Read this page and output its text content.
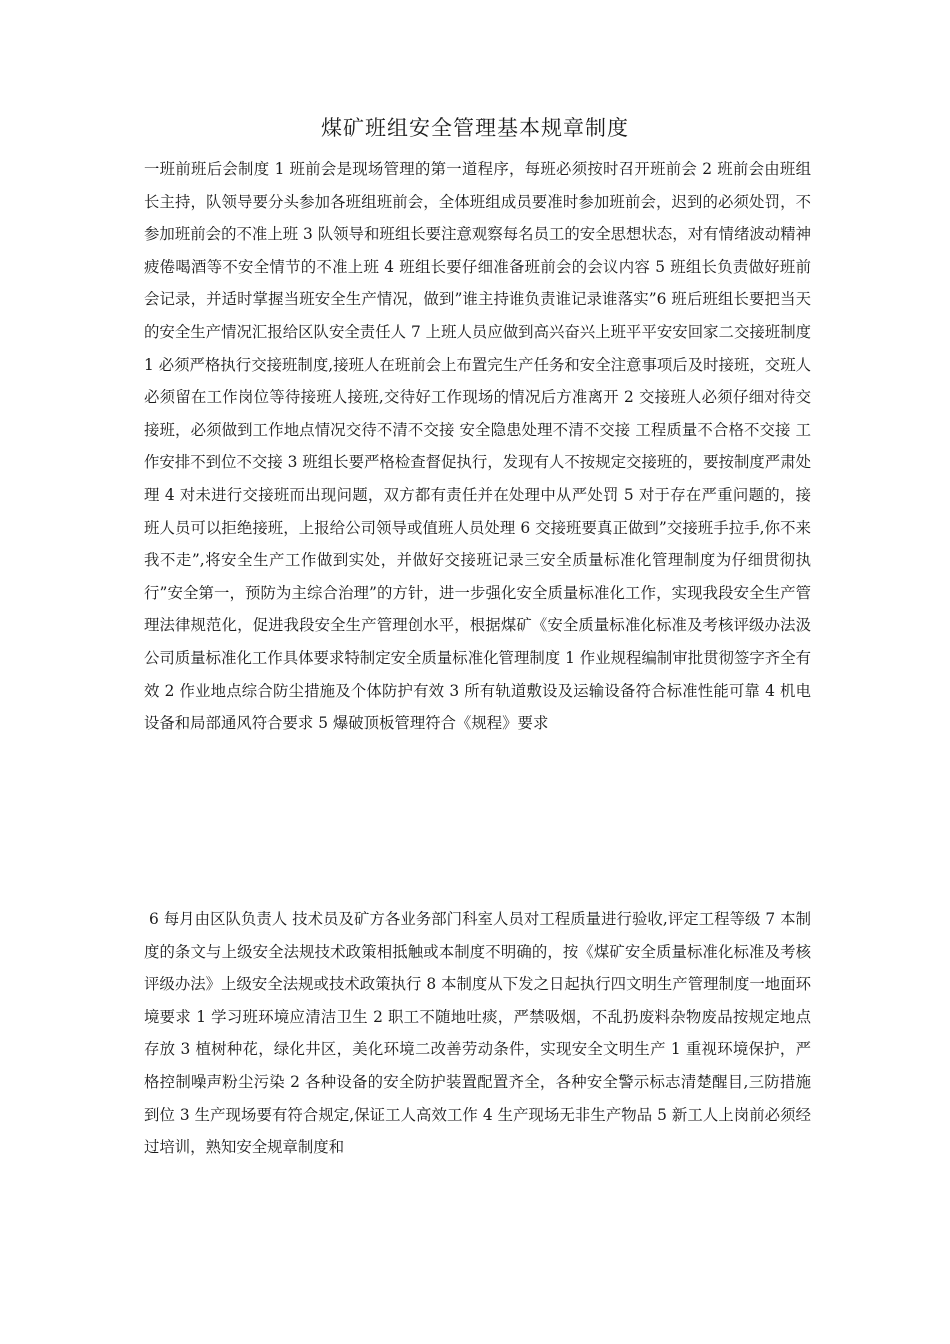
煤矿班组安全管理基本规章制度

一班前班后会制度 1 班前会是现场管理的第一道程序，每班必须按时召开班前会 2 班前会由班组长主持，队领导要分头参加各班组班前会，全体班组成员要准时参加班前会，迟到的必须处罚，不参加班前会的不准上班 3 队领导和班组长要注意观察每名员工的安全思想状态，对有情绪波动精神疲倦喝酒等不安全情节的不准上班 4 班组长要仔细准备班前会的会议内容 5 班组长负责做好班前会记录，并适时掌握当班安全生产情况，做到”谁主持谁负责谁记录谁落实”6 班后班组长要把当天的安全生产情况汇报给区队安全责任人 7 上班人员应做到高兴奋兴上班平平安安回家二交接班制度 1 必须严格执行交接班制度,接班人在班前会上布置完生产任务和安全注意事项后及时接班，交班人必须留在工作岗位等待接班人接班,交待好工作现场的情况后方准离开 2 交接班人必须仔细对待交接班，必须做到工作地点情况交待不清不交接 安全隐患处理不清不交接 工程质量不合格不交接 工作安排不到位不交接 3 班组长要严格检查督促执行，发现有人不按规定交接班的，要按制度严肃处理 4 对未进行交接班而出现问题，双方都有责任并在处理中从严处罚 5 对于存在严重问题的，接班人员可以拒绝接班，上报给公司领导或值班人员处理 6 交接班要真正做到”交接班手拉手,你不来我不走”,将安全生产工作做到实处，并做好交接班记录三安全质量标准化管理制度为仔细贯彻执行”安全第一，预防为主综合治理”的方针，进一步强化安全质量标准化工作，实现我段安全生产管理法律规范化，促进我段安全生产管理创水平，根据煤矿《安全质量标准化标准及考核评级办法汲公司质量标准化工作具体要求特制定安全质量标准化管理制度 1 作业规程编制审批贯彻签字齐全有效 2 作业地点综合防尘措施及个体防护有效 3 所有轨道敷设及运输设备符合标准性能可靠 4 机电设备和局部通风符合要求 5 爆破顶板管理符合《规程》要求

6 每月由区队负责人 技术员及矿方各业务部门科室人员对工程质量进行验收,评定工程等级 7 本制度的条文与上级安全法规技术政策相抵触或本制度不明确的，按《煤矿安全质量标准化标准及考核评级办法》上级安全法规或技术政策执行 8 本制度从下发之日起执行四文明生产管理制度一地面环境要求 1 学习班环境应清洁卫生 2 职工不随地吐痰，严禁吸烟，不乱扔废料杂物废品按规定地点存放 3 植树种花，绿化井区，美化环境二改善劳动条件，实现安全文明生产 1 重视环境保护，严格控制噪声粉尘污染 2 各种设备的安全防护装置配置齐全，各种安全警示标志清楚醒目,三防措施到位 3 生产现场要有符合规定,保证工人高效工作 4 生产现场无非生产物品 5 新工人上岗前必须经过培训，熟知安全规章制度和
